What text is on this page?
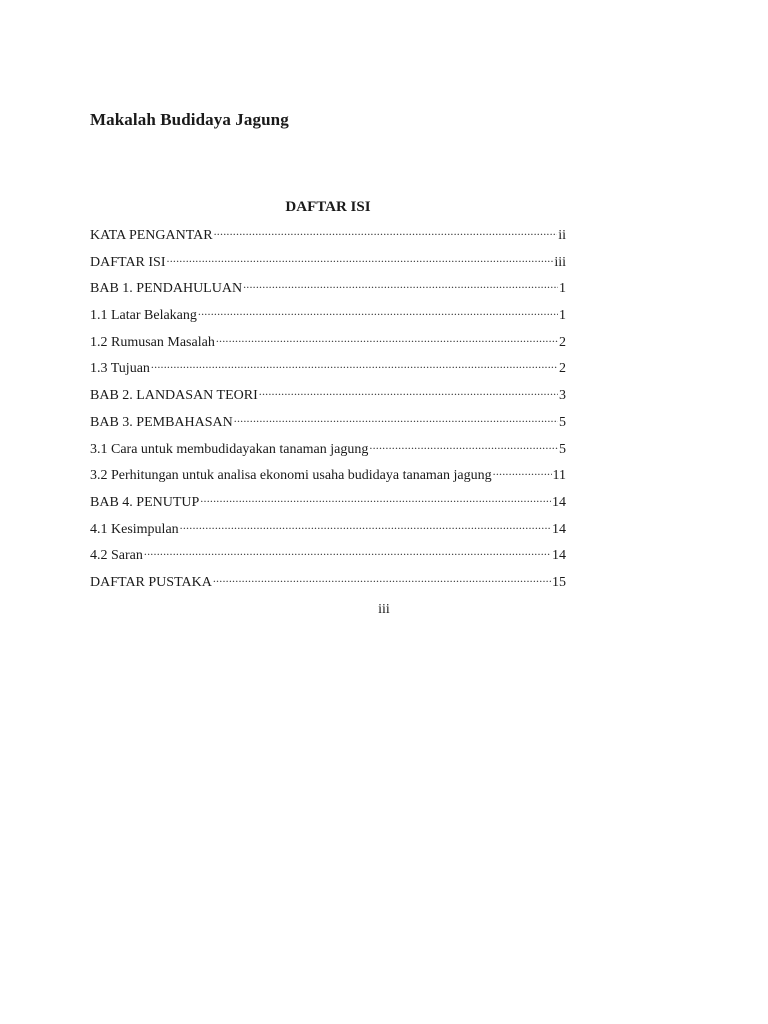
Makalah Budidaya Jagung
DAFTAR ISI
KATA PENGANTAR .....	ii
DAFTAR ISI .....	iii
BAB 1. PENDAHULUAN .....	1
1.1 Latar Belakang .....	1
1.2 Rumusan Masalah .....	2
1.3 Tujuan .....	2
BAB 2. LANDASAN TEORI .....	3
BAB 3. PEMBAHASAN .....	5
3.1 Cara untuk membudidayakan tanaman jagung .....	5
3.2 Perhitungan untuk analisa ekonomi usaha budidaya tanaman jagung .....	11
BAB 4. PENUTUP .....	14
4.1 Kesimpulan .....	14
4.2 Saran .....	14
DAFTAR PUSTAKA .....	15
iii
